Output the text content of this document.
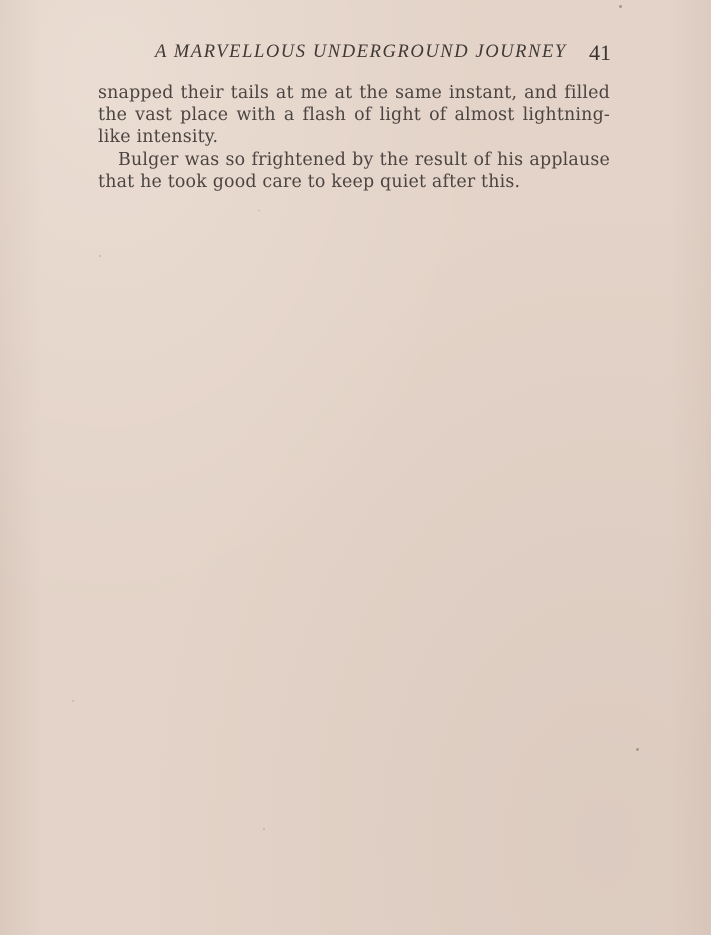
A MARVELLOUS UNDERGROUND JOURNEY 41

snapped their tails at me at the same instant, and filled the vast place with a flash of light of almost lightning-like intensity.

Bulger was so frightened by the result of his applause that he took good care to keep quiet after this.
